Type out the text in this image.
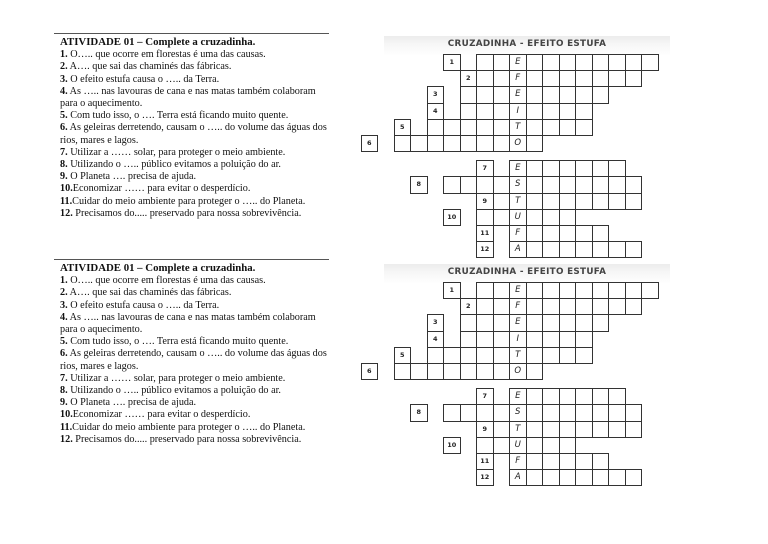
ATIVIDADE 01 – Complete a cruzadinha.
1. O….. que ocorre em florestas é uma das causas.
2. A…. que sai das chaminés das fábricas.
3. O efeito estufa causa o ….. da Terra.
4. As ….. nas lavouras de cana e nas matas também colaboram para o aquecimento.
5. Com tudo isso, o …. Terra está ficando muito quente.
6. As geleiras derretendo, causam o ….. do volume das águas dos rios, mares e lagos.
7. Utilizar a …… solar, para proteger o meio ambiente.
8. Utilizando o ….. público evitamos a poluição do ar.
9. O Planeta …. precisa de ajuda.
10.Economizar …… para evitar o desperdício.
11.Cuidar do meio ambiente para proteger o ….. do Planeta.
12. Precisamos do..... preservado para nossa sobrevivência.
ATIVIDADE 01 – Complete a cruzadinha.
1. O….. que ocorre em florestas é uma das causas.
2. A…. que sai das chaminés das fábricas.
3. O efeito estufa causa o ….. da Terra.
4. As ….. nas lavouras de cana e nas matas também colaboram para o aquecimento.
5. Com tudo isso, o …. Terra está ficando muito quente.
6. As geleiras derretendo, causam o ….. do volume das águas dos rios, mares e lagos.
7. Utilizar a …… solar, para proteger o meio ambiente.
8. Utilizando o ….. público evitamos a poluição do ar.
9. O Planeta …. precisa de ajuda.
10.Economizar …… para evitar o desperdício.
11.Cuidar do meio ambiente para proteger o ….. do Planeta.
12. Precisamos do..... preservado para nossa sobrevivência.
CRUZADINHA - EFEITO ESTUFA
1	E
2	F
3	E
4	I
5	T
6	O
7	E
8	S
9	T
10	U
11	F
12	A
CRUZADINHA - EFEITO ESTUFA
1	E
2	F
3	E
4	I
5	T
6	O
7	E
8	S
9	T
10	U
11	F
12	A
